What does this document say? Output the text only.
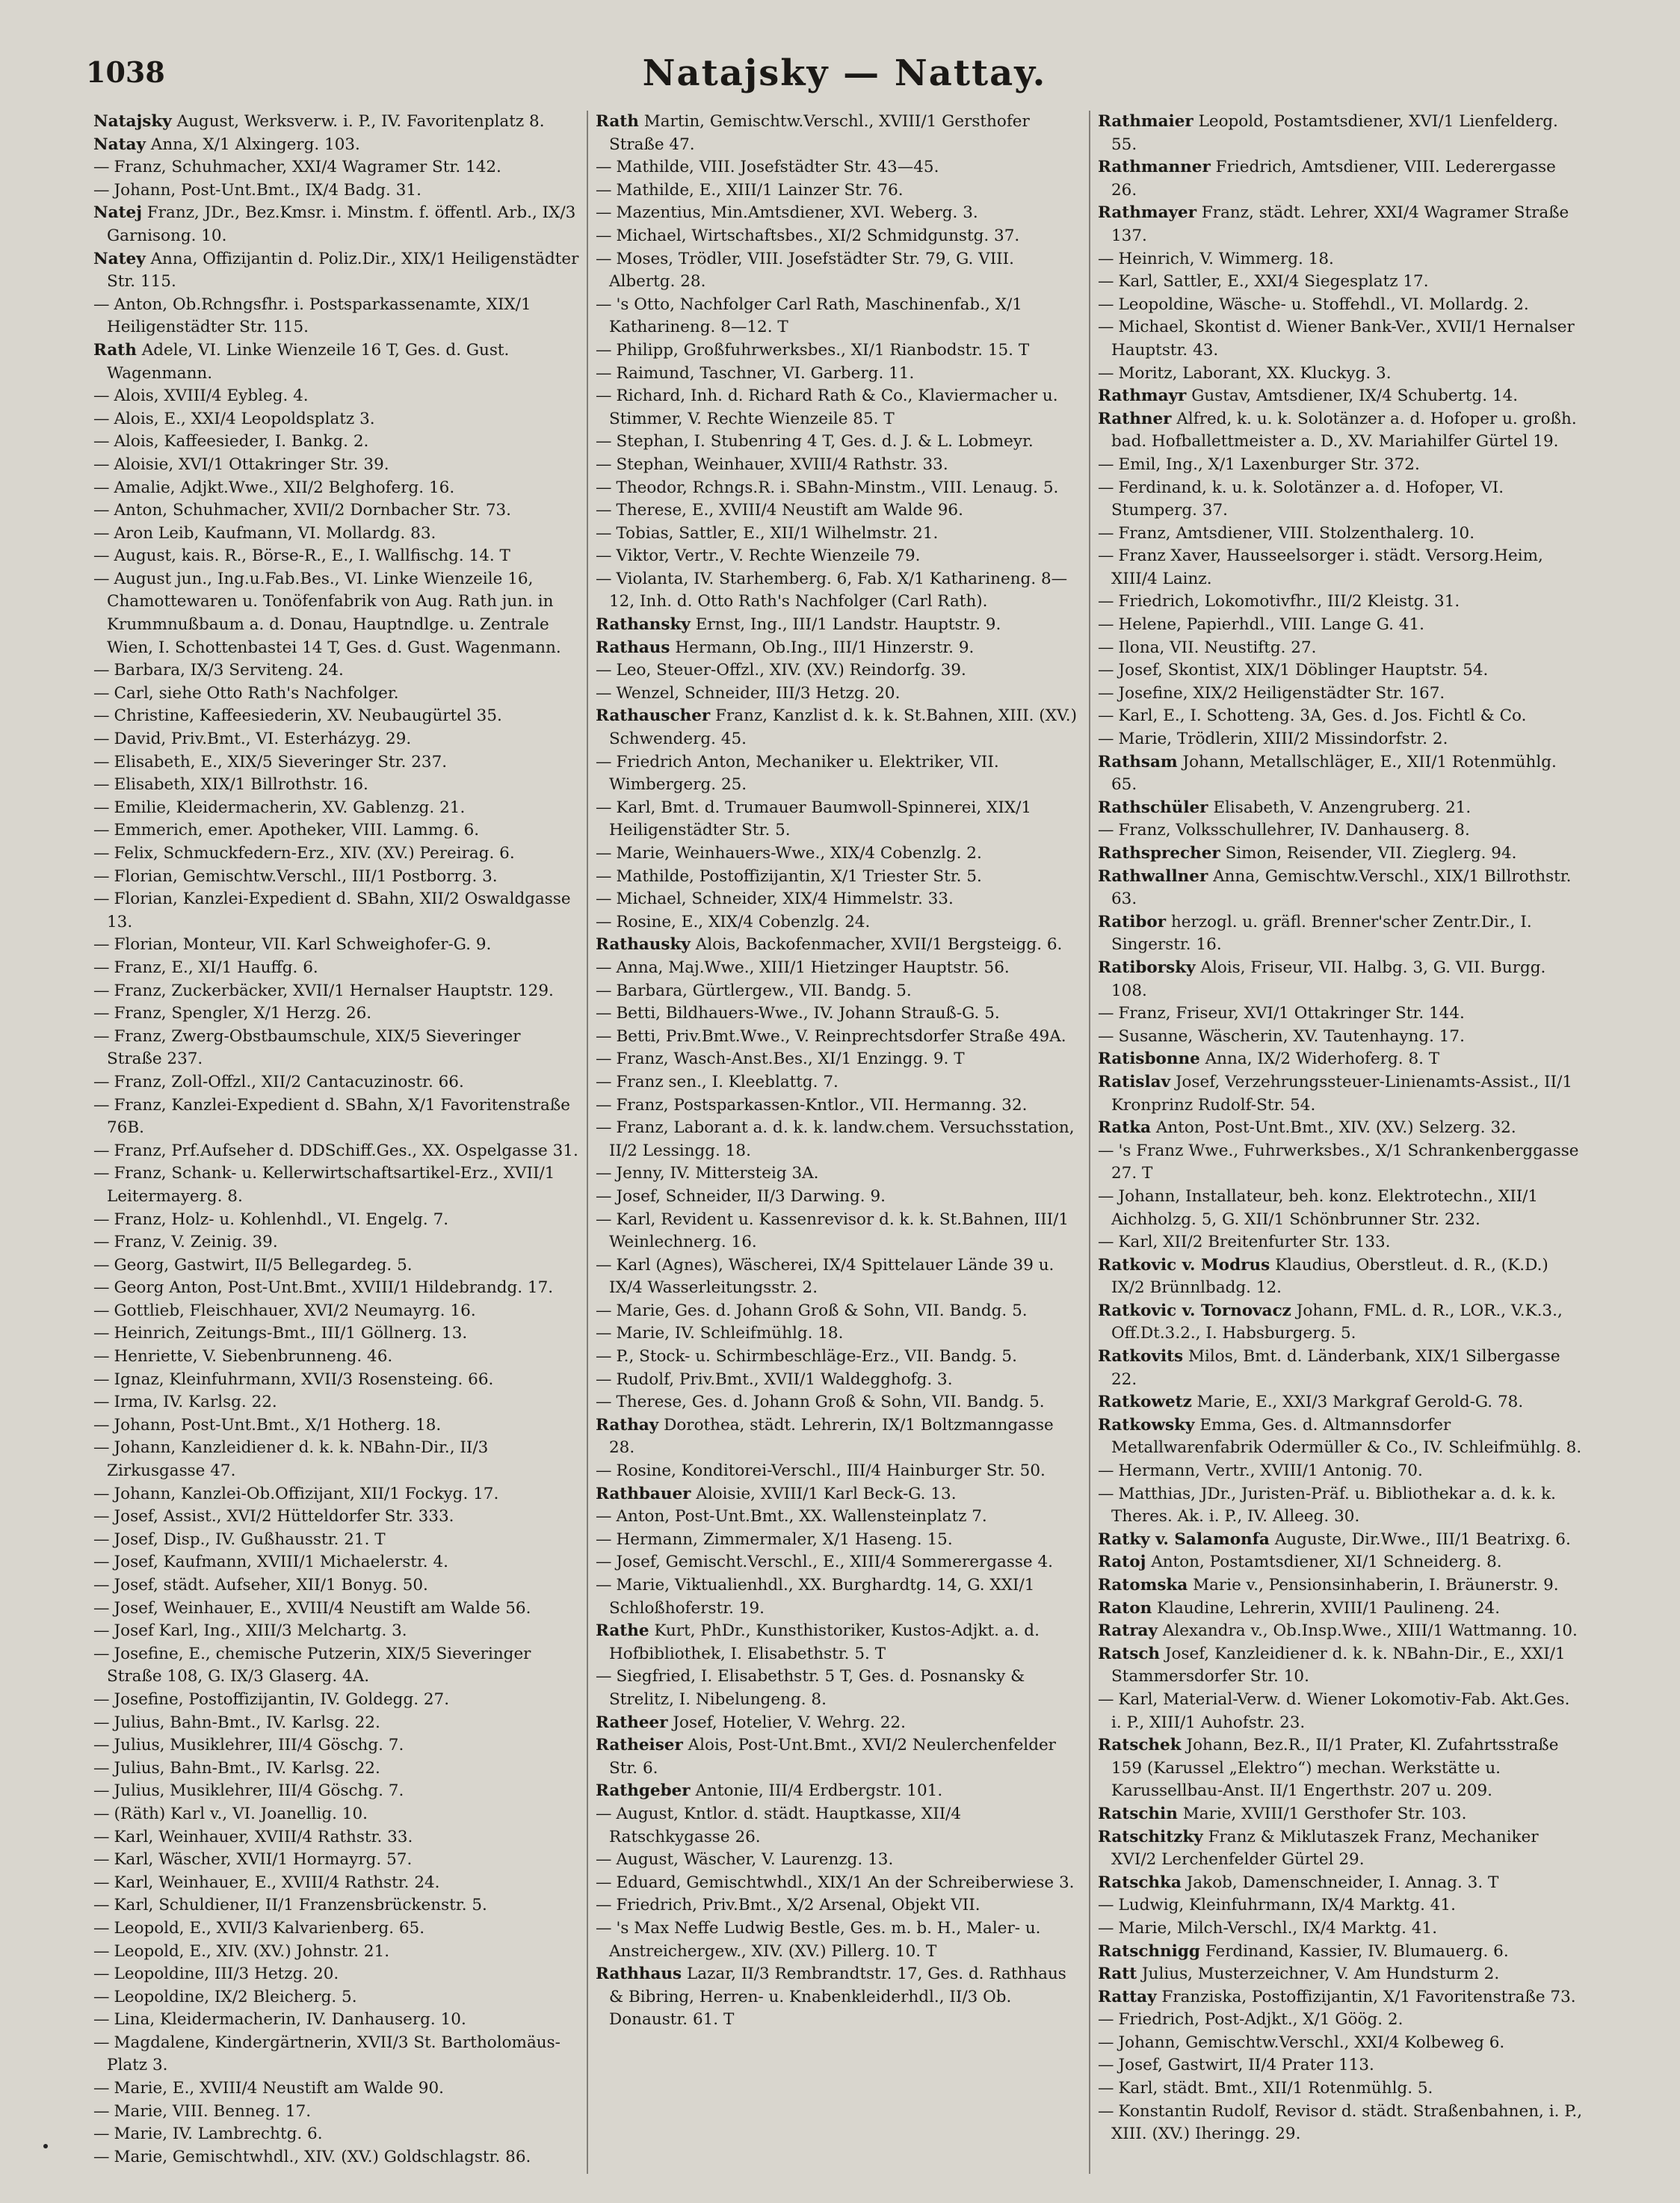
1038	Natajsky — Nattay.
Natajsky August, Werksverw. i. P., IV. Favoritenplatz 8.
Natay Anna, X/1 Alxingerg. 103.
— Franz, Schuhmacher, XXI/4 Wagramer Str. 142.
— Johann, Post-Unt.Bmt., IX/4 Badg. 31.
Natej Franz, JDr., Bez.Kmsr. i. Minstm. f. öffentl. Arb., IX/3 Garnisong. 10.
Natey Anna, Offizijantin d. Poliz.Dir., XIX/1 Heiligenstädter Str. 115.
— Anton, Ob.Rchngsfhr. i. Postsparkassenamte, XIX/1 Heiligenstädter Str. 115.
Rath Adele, VI. Linke Wienzeile 16 T, Ges. d. Gust. Wagenmann.
— Alois, XVIII/4 Eybleg. 4.
— Alois, E., XXI/4 Leopoldsplatz 3.
— Alois, Kaffeesieder, I. Bankg. 2.
— Aloisie, XVI/1 Ottakringer Str. 39.
— Amalie, Adjkt.Wwe., XII/2 Belghoferg. 16.
— Anton, Schuhmacher, XVII/2 Dornbacher Str. 73.
— Aron Leib, Kaufmann, VI. Mollardg. 83.
— August, kais. R., Börse-R., E., I. Wallfischg. 14. T
— August jun., Ing.u.Fab.Bes., VI. Linke Wienzeile 16, Chamottewaren u. Tonöfenfabrik von Aug. Rath jun. in Krummnußbaum a. d. Donau, Hauptndlge. u. Zentrale Wien, I. Schottenbastei 14 T, Ges. d. Gust. Wagenmann.
— Barbara, IX/3 Serviteng. 24.
— Carl, siehe Otto Rath's Nachfolger.
— Christine, Kaffeesiederin, XV. Neubaugürtel 35.
— David, Priv.Bmt., VI. Esterházyg. 29.
— Elisabeth, E., XIX/5 Sieveringer Str. 237.
— Elisabeth, XIX/1 Billrothstr. 16.
— Emilie, Kleidermacherin, XV. Gablenzg. 21.
— Emmerich, emer. Apotheker, VIII. Lammg. 6.
— Felix, Schmuckfedern-Erz., XIV. (XV.) Pereirag. 6.
— Florian, Gemischtw.Verschl., III/1 Postborrg. 3.
— Florian, Kanzlei-Expedient d. SBahn, XII/2 Oswaldgasse 13.
— Florian, Monteur, VII. Karl Schweighofer-G. 9.
— Franz, E., XI/1 Hauffg. 6.
— Franz, Zuckerbäcker, XVII/1 Hernalser Hauptstr. 129.
— Franz, Spengler, X/1 Herzg. 26.
— Franz, Zwerg-Obstbaumschule, XIX/5 Sieveringer Straße 237.
— Franz, Zoll-Offzl., XII/2 Cantacuzinostr. 66.
— Franz, Kanzlei-Expedient d. SBahn, X/1 Favoritenstraße 76B.
— Franz, Prf.Aufseher d. DDSchiff.Ges., XX. Ospelgasse 31.
— Franz, Schank- u. Kellerwirtschaftsartikel-Erz., XVII/1 Leitermayerg. 8.
— Franz, Holz- u. Kohlenhdl., VI. Engelg. 7.
— Franz, V. Zeinig. 39.
— Georg, Gastwirt, II/5 Bellegardeg. 5.
— Georg Anton, Post-Unt.Bmt., XVIII/1 Hildebrandg. 17.
— Gottlieb, Fleischhauer, XVI/2 Neumayrg. 16.
— Heinrich, Zeitungs-Bmt., III/1 Göllnerg. 13.
— Henriette, V. Siebenbrunneng. 46.
— Ignaz, Kleinfuhrmann, XVII/3 Rosensteing. 66.
— Irma, IV. Karlsg. 22.
— Johann, Post-Unt.Bmt., X/1 Hotherg. 18.
— Johann, Kanzleidiener d. k. k. NBahn-Dir., II/3 Zirkusgasse 47.
— Johann, Kanzlei-Ob.Offizijant, XII/1 Fockyg. 17.
— Josef, Assist., XVI/2 Hütteldorfer Str. 333.
— Josef, Disp., IV. Gußhausstr. 21. T
— Josef, Kaufmann, XVIII/1 Michaelerstr. 4.
— Josef, städt. Aufseher, XII/1 Bonyg. 50.
— Josef, Weinhauer, E., XVIII/4 Neustift am Walde 56.
— Josef Karl, Ing., XIII/3 Melchartg. 3.
— Josefine, E., chemische Putzerin, XIX/5 Sieveringer Straße 108, G. IX/3 Glaserg. 4A.
— Josefine, Postoffizijantin, IV. Goldegg. 27.
— Julius, Bahn-Bmt., IV. Karlsg. 22.
— Julius, Musiklehrer, III/4 Göschg. 7.
— Julius, Bahn-Bmt., IV. Karlsg. 22.
— Julius, Musiklehrer, III/4 Göschg. 7.
— (Räth) Karl v., VI. Joanellig. 10.
— Karl, Weinhauer, XVIII/4 Rathstr. 33.
— Karl, Wäscher, XVII/1 Hormayrg. 57.
— Karl, Weinhauer, E., XVIII/4 Rathstr. 24.
— Karl, Schuldiener, II/1 Franzensbrückenstr. 5.
— Leopold, E., XVII/3 Kalvarienberg. 65.
— Leopold, E., XIV. (XV.) Johnstr. 21.
— Leopoldine, III/3 Hetzg. 20.
— Leopoldine, IX/2 Bleicherg. 5.
— Lina, Kleidermacherin, IV. Danhauserg. 10.
— Magdalene, Kindergärtnerin, XVII/3 St. Bartholomäus-Platz 3.
— Marie, E., XVIII/4 Neustift am Walde 90.
— Marie, VIII. Benneg. 17.
— Marie, IV. Lambrechtg. 6.
— Marie, Gemischtwhdl., XIV. (XV.) Goldschlagstr. 86.
Rath Martin, Gemischtw.Verschl., XVIII/1 Gersthofer Straße 47.
— Mathilde, VIII. Josefstädter Str. 43—45.
— Mathilde, E., XIII/1 Lainzer Str. 76.
— Mazentius, Min.Amtsdiener, XVI. Weberg. 3.
— Michael, Wirtschaftsbes., XI/2 Schmidgunstg. 37.
— Moses, Trödler, VIII. Josefstädter Str. 79, G. VIII. Albertg. 28.
— 's Otto, Nachfolger Carl Rath, Maschinenfab., X/1 Katharineng. 8—12. T
— Philipp, Großfuhrwerksbes., XI/1 Rianbodstr. 15. T
— Raimund, Taschner, VI. Garberg. 11.
— Richard, Inh. d. Richard Rath & Co., Klaviermacher u. Stimmer, V. Rechte Wienzeile 85. T
— Stephan, I. Stubenring 4 T, Ges. d. J. & L. Lobmeyr.
— Stephan, Weinhauer, XVIII/4 Rathstr. 33.
— Theodor, Rchngs.R. i. SBahn-Minstm., VIII. Lenaug. 5.
— Therese, E., XVIII/4 Neustift am Walde 96.
— Tobias, Sattler, E., XII/1 Wilhelmstr. 21.
— Viktor, Vertr., V. Rechte Wienzeile 79.
— Violanta, IV. Starhemberg. 6, Fab. X/1 Katharineng. 8—12, Inh. d. Otto Rath's Nachfolger (Carl Rath).
Rathansky Ernst, Ing., III/1 Landstr. Hauptstr. 9.
Rathaus Hermann, Ob.Ing., III/1 Hinzerstr. 9.
— Leo, Steuer-Offzl., XIV. (XV.) Reindorfg. 39.
— Wenzel, Schneider, III/3 Hetzg. 20.
Rathauscher Franz, Kanzlist d. k. k. St.Bahnen, XIII. (XV.) Schwenderg. 45.
— Friedrich Anton, Mechaniker u. Elektriker, VII. Wimbergerg. 25.
— Karl, Bmt. d. Trumauer Baumwoll-Spinnerei, XIX/1 Heiligenstädter Str. 5.
— Marie, Weinhauers-Wwe., XIX/4 Cobenzlg. 2.
— Mathilde, Postoffizijantin, X/1 Triester Str. 5.
— Michael, Schneider, XIX/4 Himmelstr. 33.
— Rosine, E., XIX/4 Cobenzlg. 24.
Rathausky Alois, Backofenmacher, XVII/1 Bergsteigg. 6.
— Anna, Maj.Wwe., XIII/1 Hietzinger Hauptstr. 56.
— Barbara, Gürtlergew., VII. Bandg. 5.
— Betti, Bildhauers-Wwe., IV. Johann Strauß-G. 5.
— Betti, Priv.Bmt.Wwe., V. Reinprechtsdorfer Straße 49A.
— Franz, Wasch-Anst.Bes., XI/1 Enzingg. 9. T
— Franz sen., I. Kleeblattg. 7.
— Franz, Postsparkassen-Kntlor., VII. Hermanng. 32.
— Franz, Laborant a. d. k. k. landw.chem. Versuchsstation, II/2 Lessingg. 18.
— Jenny, IV. Mittersteig 3A.
— Josef, Schneider, II/3 Darwing. 9.
— Karl, Revident u. Kassenrevisor d. k. k. St.Bahnen, III/1 Weinlechnerg. 16.
— Karl (Agnes), Wäscherei, IX/4 Spittelauer Lände 39 u. IX/4 Wasserleitungsstr. 2.
— Marie, Ges. d. Johann Groß & Sohn, VII. Bandg. 5.
— Marie, IV. Schleifmühlg. 18.
— P., Stock- u. Schirmbeschläge-Erz., VII. Bandg. 5.
— Rudolf, Priv.Bmt., XVII/1 Waldegghofg. 3.
— Therese, Ges. d. Johann Groß & Sohn, VII. Bandg. 5.
Rathay Dorothea, städt. Lehrerin, IX/1 Boltzmanngasse 28.
— Rosine, Konditorei-Verschl., III/4 Hainburger Str. 50.
Rathbauer Aloisie, XVIII/1 Karl Beck-G. 13.
— Anton, Post-Unt.Bmt., XX. Wallensteinplatz 7.
— Hermann, Zimmermaler, X/1 Haseng. 15.
— Josef, Gemischt.Verschl., E., XIII/4 Sommerergasse 4.
— Marie, Viktualienhdl., XX. Burghardtg. 14, G. XXI/1 Schloßhoferstr. 19.
Rathe Kurt, PhDr., Kunsthistoriker, Kustos-Adjkt. a. d. Hofbibliothek, I. Elisabethstr. 5. T
— Siegfried, I. Elisabethstr. 5 T, Ges. d. Posnansky & Strelitz, I. Nibelungeng. 8.
Ratheer Josef, Hotelier, V. Wehrg. 22.
Ratheiser Alois, Post-Unt.Bmt., XVI/2 Neulerchenfelder Str. 6.
Rathgeber Antonie, III/4 Erdbergstr. 101.
— August, Kntlor. d. städt. Hauptkasse, XII/4 Ratschkygasse 26.
— August, Wäscher, V. Laurenzg. 13.
— Eduard, Gemischtwhdl., XIX/1 An der Schreiberwiese 3.
— Friedrich, Priv.Bmt., X/2 Arsenal, Objekt VII.
— 's Max Neffe Ludwig Bestle, Ges. m. b. H., Maler- u. Anstreichergew., XIV. (XV.) Pillerg. 10. T
Rathhaus Lazar, II/3 Rembrandtstr. 17, Ges. d. Rathhaus & Bibring, Herren- u. Knabenkleiderhdl., II/3 Ob. Donaustr. 61. T
Rathmaier Leopold, Postamtsdiener, XVI/1 Lienfelderg. 55.
Rathmanner Friedrich, Amtsdiener, VIII. Lederergasse 26.
Rathmayer Franz, städt. Lehrer, XXI/4 Wagramer Straße 137.
— Heinrich, V. Wimmerg. 18.
— Karl, Sattler, E., XXI/4 Siegesplatz 17.
— Leopoldine, Wäsche- u. Stoffehdl., VI. Mollardg. 2.
— Michael, Skontist d. Wiener Bank-Ver., XVII/1 Hernalser Hauptstr. 43.
— Moritz, Laborant, XX. Kluckyg. 3.
Rathmayr Gustav, Amtsdiener, IX/4 Schubertg. 14.
Rathner Alfred, k. u. k. Solotänzer a. d. Hofoper u. großh. bad. Hofballettmeister a. D., XV. Mariahilfer Gürtel 19.
— Emil, Ing., X/1 Laxenburger Str. 372.
— Ferdinand, k. u. k. Solotänzer a. d. Hofoper, VI. Stumperg. 37.
— Franz, Amtsdiener, VIII. Stolzenthalerg. 10.
— Franz Xaver, Hausseelsorger i. städt. Versorg.Heim, XIII/4 Lainz.
— Friedrich, Lokomotivfhr., III/2 Kleistg. 31.
— Helene, Papierhdl., VIII. Lange G. 41.
— Ilona, VII. Neustiftg. 27.
— Josef, Skontist, XIX/1 Döblinger Hauptstr. 54.
— Josefine, XIX/2 Heiligenstädter Str. 167.
— Karl, E., I. Schotteng. 3A, Ges. d. Jos. Fichtl & Co.
— Marie, Trödlerin, XIII/2 Missindorfstr. 2.
Rathsam Johann, Metallschläger, E., XII/1 Rotenmühlg. 65.
Rathschüler Elisabeth, V. Anzengruberg. 21.
— Franz, Volksschullehrer, IV. Danhauserg. 8.
Rathsprecher Simon, Reisender, VII. Zieglerg. 94.
Rathwallner Anna, Gemischtw.Verschl., XIX/1 Billrothstr. 63.
Ratibor herzogl. u. gräfl. Brenner'scher Zentr.Dir., I. Singerstr. 16.
Ratiborsky Alois, Friseur, VII. Halbg. 3, G. VII. Burgg. 108.
— Franz, Friseur, XVI/1 Ottakringer Str. 144.
— Susanne, Wäscherin, XV. Tautenhayng. 17.
Ratisbonne Anna, IX/2 Widerhoferg. 8. T
Ratislav Josef, Verzehrungssteuer-Linienamts-Assist., II/1 Kronprinz Rudolf-Str. 54.
Ratka Anton, Post-Unt.Bmt., XIV. (XV.) Selzerg. 32.
— 's Franz Wwe., Fuhrwerksbes., X/1 Schrankenberggasse 27. T
— Johann, Installateur, beh. konz. Elektrotechn., XII/1 Aichholzg. 5, G. XII/1 Schönbrunner Str. 232.
— Karl, XII/2 Breitenfurter Str. 133.
Ratkovic v. Modrus Klaudius, Oberstleut. d. R., (K.D.) IX/2 Brünnlbadg. 12.
Ratkovic v. Tornovacz Johann, FML. d. R., LOR., V.K.3., Off.Dt.3.2., I. Habsburgerg. 5.
Ratkovits Milos, Bmt. d. Länderbank, XIX/1 Silbergasse 22.
Ratkowetz Marie, E., XXI/3 Markgraf Gerold-G. 78.
Ratkowsky Emma, Ges. d. Altmannsdorfer Metallwarenfabrik Odermüller & Co., IV. Schleifmühlg. 8.
— Hermann, Vertr., XVIII/1 Antonig. 70.
— Matthias, JDr., Juristen-Präf. u. Bibliothekar a. d. k. k. Theres. Ak. i. P., IV. Alleeg. 30.
Ratky v. Salamonfa Auguste, Dir.Wwe., III/1 Beatrixg. 6.
Ratoj Anton, Postamtsdiener, XI/1 Schneiderg. 8.
Ratomska Marie v., Pensionsinhaberin, I. Bräunerstr. 9.
Raton Klaudine, Lehrerin, XVIII/1 Paulineng. 24.
Ratray Alexandra v., Ob.Insp.Wwe., XIII/1 Wattmanng. 10.
Ratsch Josef, Kanzleidiener d. k. k. NBahn-Dir., E., XXI/1 Stammersdorfer Str. 10.
— Karl, Material-Verw. d. Wiener Lokomotiv-Fab. Akt.Ges. i. P., XIII/1 Auhofstr. 23.
Ratschek Johann, Bez.R., II/1 Prater, Kl. Zufahrtsstraße 159 (Karussel „Elektro“) mechan. Werkstätte u. Karussellbau-Anst. II/1 Engerthstr. 207 u. 209.
Ratschin Marie, XVIII/1 Gersthofer Str. 103.
Ratschitzky Franz & Miklutaszek Franz, Mechaniker XVI/2 Lerchenfelder Gürtel 29.
Ratschka Jakob, Damenschneider, I. Annag. 3. T
— Ludwig, Kleinfuhrmann, IX/4 Marktg. 41.
— Marie, Milch-Verschl., IX/4 Marktg. 41.
Ratschnigg Ferdinand, Kassier, IV. Blumauerg. 6.
Ratt Julius, Musterzeichner, V. Am Hundsturm 2.
Rattay Franziska, Postoffizijantin, X/1 Favoritenstraße 73.
— Friedrich, Post-Adjkt., X/1 Göög. 2.
— Johann, Gemischtw.Verschl., XXI/4 Kolbeweg 6.
— Josef, Gastwirt, II/4 Prater 113.
— Karl, städt. Bmt., XII/1 Rotenmühlg. 5.
— Konstantin Rudolf, Revisor d. städt. Straßenbahnen, i. P., XIII. (XV.) Iheringg. 29.
